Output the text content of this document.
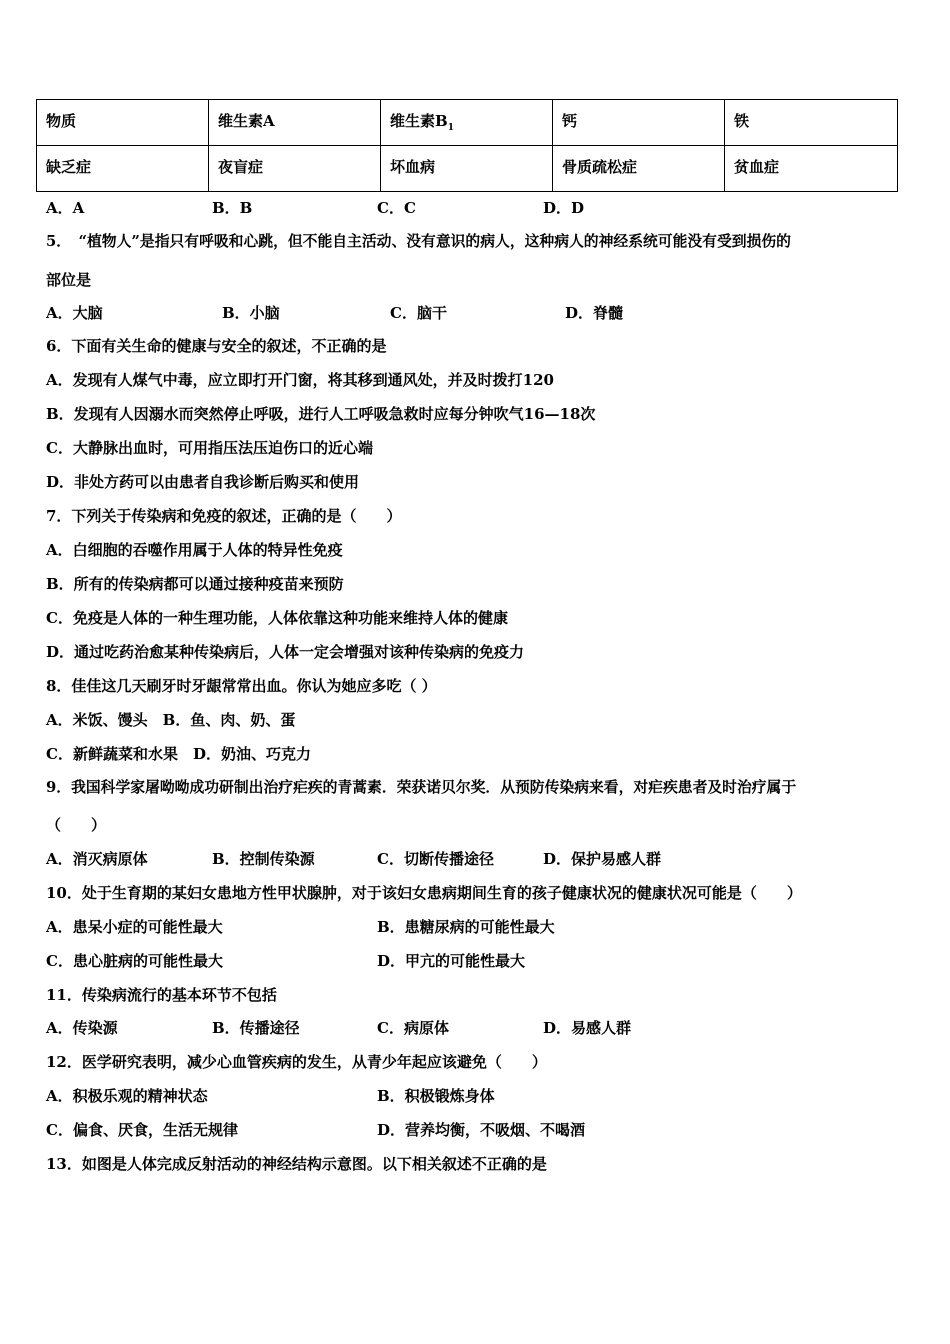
物质	维生素A	维生素$B_1$	钙	铁
缺乏症	夜盲症	坏血病	骨质疏松症	贫血症
A．A	B．B	C．C	D．D
5．　“植物人”是指只有呼吸和心跳，但不能自主活动、没有意识的病人，这种病人的神经系统可能没有受到损伤的
部位是
A．大脑	B．小脑	C．脑干	D．脊髓
6．下面有关生命的健康与安全的叙述，不正确的是
A．发现有人煤气中毒，应立即打开门窗，将其移到通风处，并及时拨打120
B．发现有人因溺水而突然停止呼吸，进行人工呼吸急救时应每分钟吹气16—18次
C．大静脉出血时，可用指压法压迫伤口的近心端
D．非处方药可以由患者自我诊断后购买和使用
7．下列关于传染病和免疫的叙述，正确的是（　　）
A．白细胞的吞噬作用属于人体的特异性免疫
B．所有的传染病都可以通过接种疫苗来预防
C．免疫是人体的一种生理功能，人体依靠这种功能来维持人体的健康
D．通过吃药治愈某种传染病后，人体一定会增强对该种传染病的免疫力
8．佳佳这几天刷牙时牙龈常常出血。你认为她应多吃（ ）
A．米饭、馒头　B．鱼、肉、奶、蛋
C．新鲜蔬菜和水果　D．奶油、巧克力
9．我国科学家屠呦呦成功研制出治疗疟疾的青蒿素．荣获诺贝尔奖．从预防传染病来看，对疟疾患者及时治疗属于
（　　）
A．消灭病原体	B．控制传染源	C．切断传播途径	D．保护易感人群
10．处于生育期的某妇女患地方性甲状腺肿，对于该妇女患病期间生育的孩子健康状况的健康状况可能是（　　）
A．患呆小症的可能性最大	B．患糖尿病的可能性最大
C．患心脏病的可能性最大	D．甲亢的可能性最大
11．传染病流行的基本环节不包括
A．传染源	B．传播途径	C．病原体	D．易感人群
12．医学研究表明，减少心血管疾病的发生，从青少年起应该避免（　　）
A．积极乐观的精神状态	B．积极锻炼身体
C．偏食、厌食，生活无规律	D．营养均衡，不吸烟、不喝酒
13．如图是人体完成反射活动的神经结构示意图。以下相关叙述不正确的是
